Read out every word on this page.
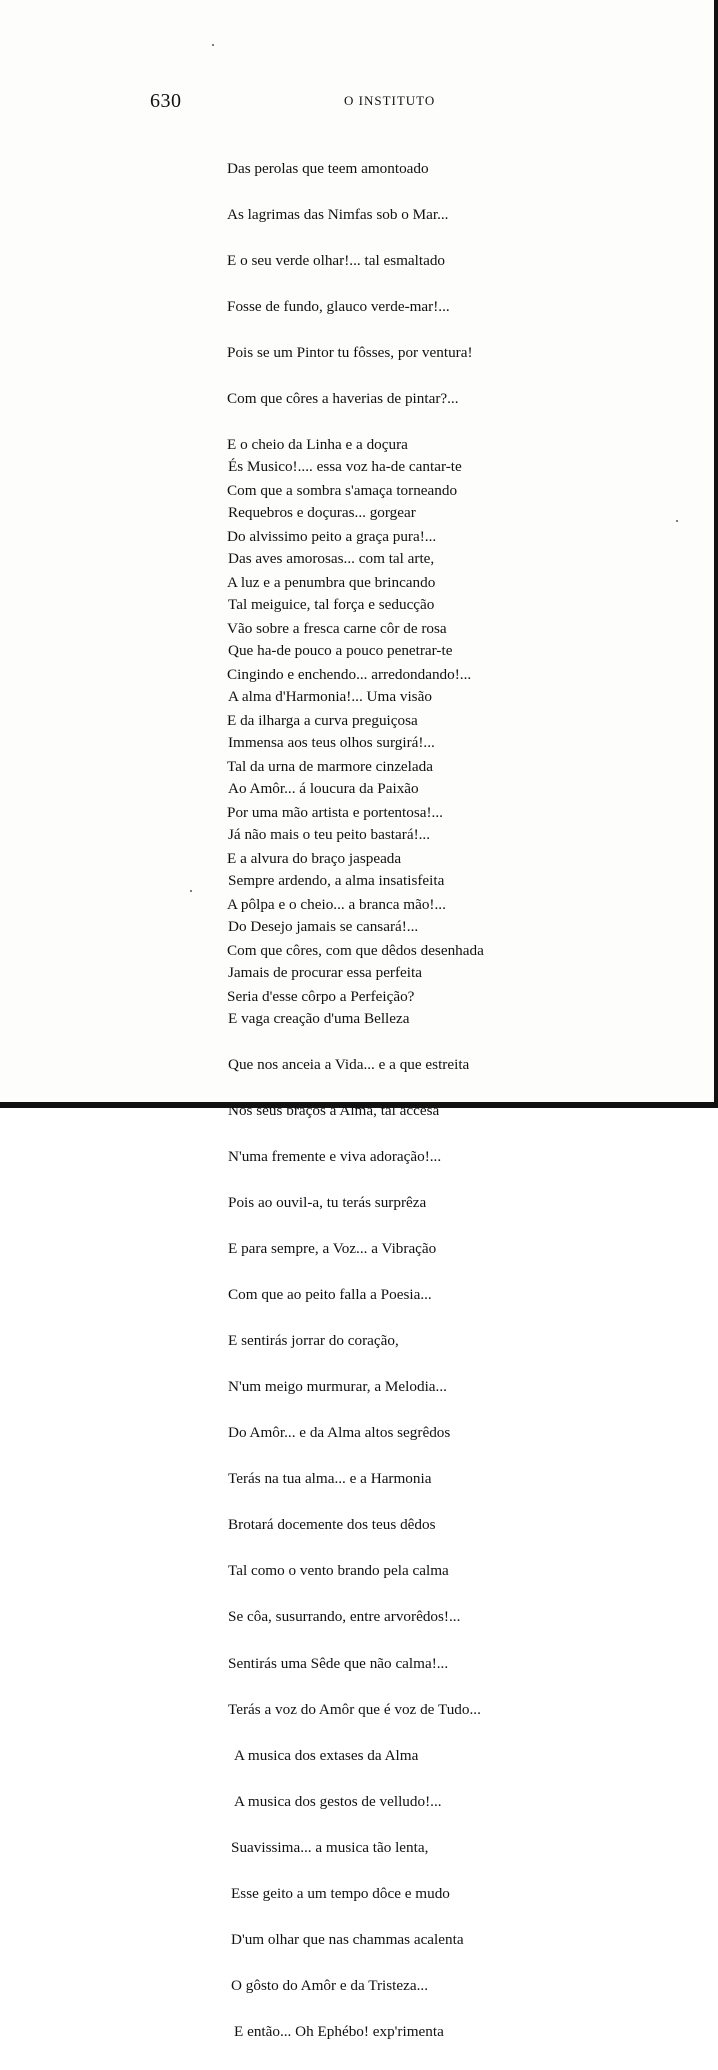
630	O INSTITUTO

Das perolas que teem amontoado

As lagrimas das Nimfas sob o Mar...

E o seu verde olhar!... tal esmaltado

Fosse de fundo, glauco verde-mar!...

Pois se um Pintor tu fôsses, por ventura!

Com que côres a haverias de pintar?...

E o cheio da Linha e a doçura

Com que a sombra s'amaça torneando

Do alvissimo peito a graça pura!...

A luz e a penumbra que brincando

Vão sobre a fresca carne côr de rosa

Cingindo e enchendo... arredondando!...

E da ilharga a curva preguiçosa

Tal da urna de marmore cinzelada

Por uma mão artista e portentosa!...

E a alvura do braço jaspeada

A pôlpa e o cheio... a branca mão!...

Com que côres, com que dêdos desenhada

Seria d'esse côrpo a Perfeição?

És Musico!.... essa voz ha-de cantar-te

Requebros e doçuras... gorgear

Das aves amorosas... com tal arte,

Tal meiguice, tal força e seducção

Que ha-de pouco a pouco penetrar-te

A alma d'Harmonia!... Uma visão

Immensa aos teus olhos surgirá!...

Ao Amôr... á loucura da Paixão

Já não mais o teu peito bastará!...

Sempre ardendo, a alma insatisfeita

Do Desejo jamais se cansará!...

Jamais de procurar essa perfeita

E vaga creação d'uma Belleza

Que nos anceia a Vida... e a que estreita

Nos seus braços a Alma, tal accêsa

N'uma fremente e viva adoração!...

Pois ao ouvil-a, tu terás surprêza

E para sempre, a Voz... a Vibração

Com que ao peito falla a Poesia...

E sentirás jorrar do coração,

N'um meigo murmurar, a Melodia...

Do Amôr... e da Alma altos segrêdos

Terás na tua alma... e a Harmonia

Brotará docemente dos teus dêdos

Tal como o vento brando pela calma

Se côa, susurrando, entre arvorêdos!...

Sentirás uma Sêde que não calma!...

Terás a voz do Amôr que é voz de Tudo...

A musica dos extases da Alma

A musica dos gestos de velludo!...

Suavissima... a musica tão lenta,

Esse geito a um tempo dôce e mudo

D'um olhar que nas chammas acalenta

O gôsto do Amôr e da Tristeza...

E então... Oh Ephébo! exp'rimenta
